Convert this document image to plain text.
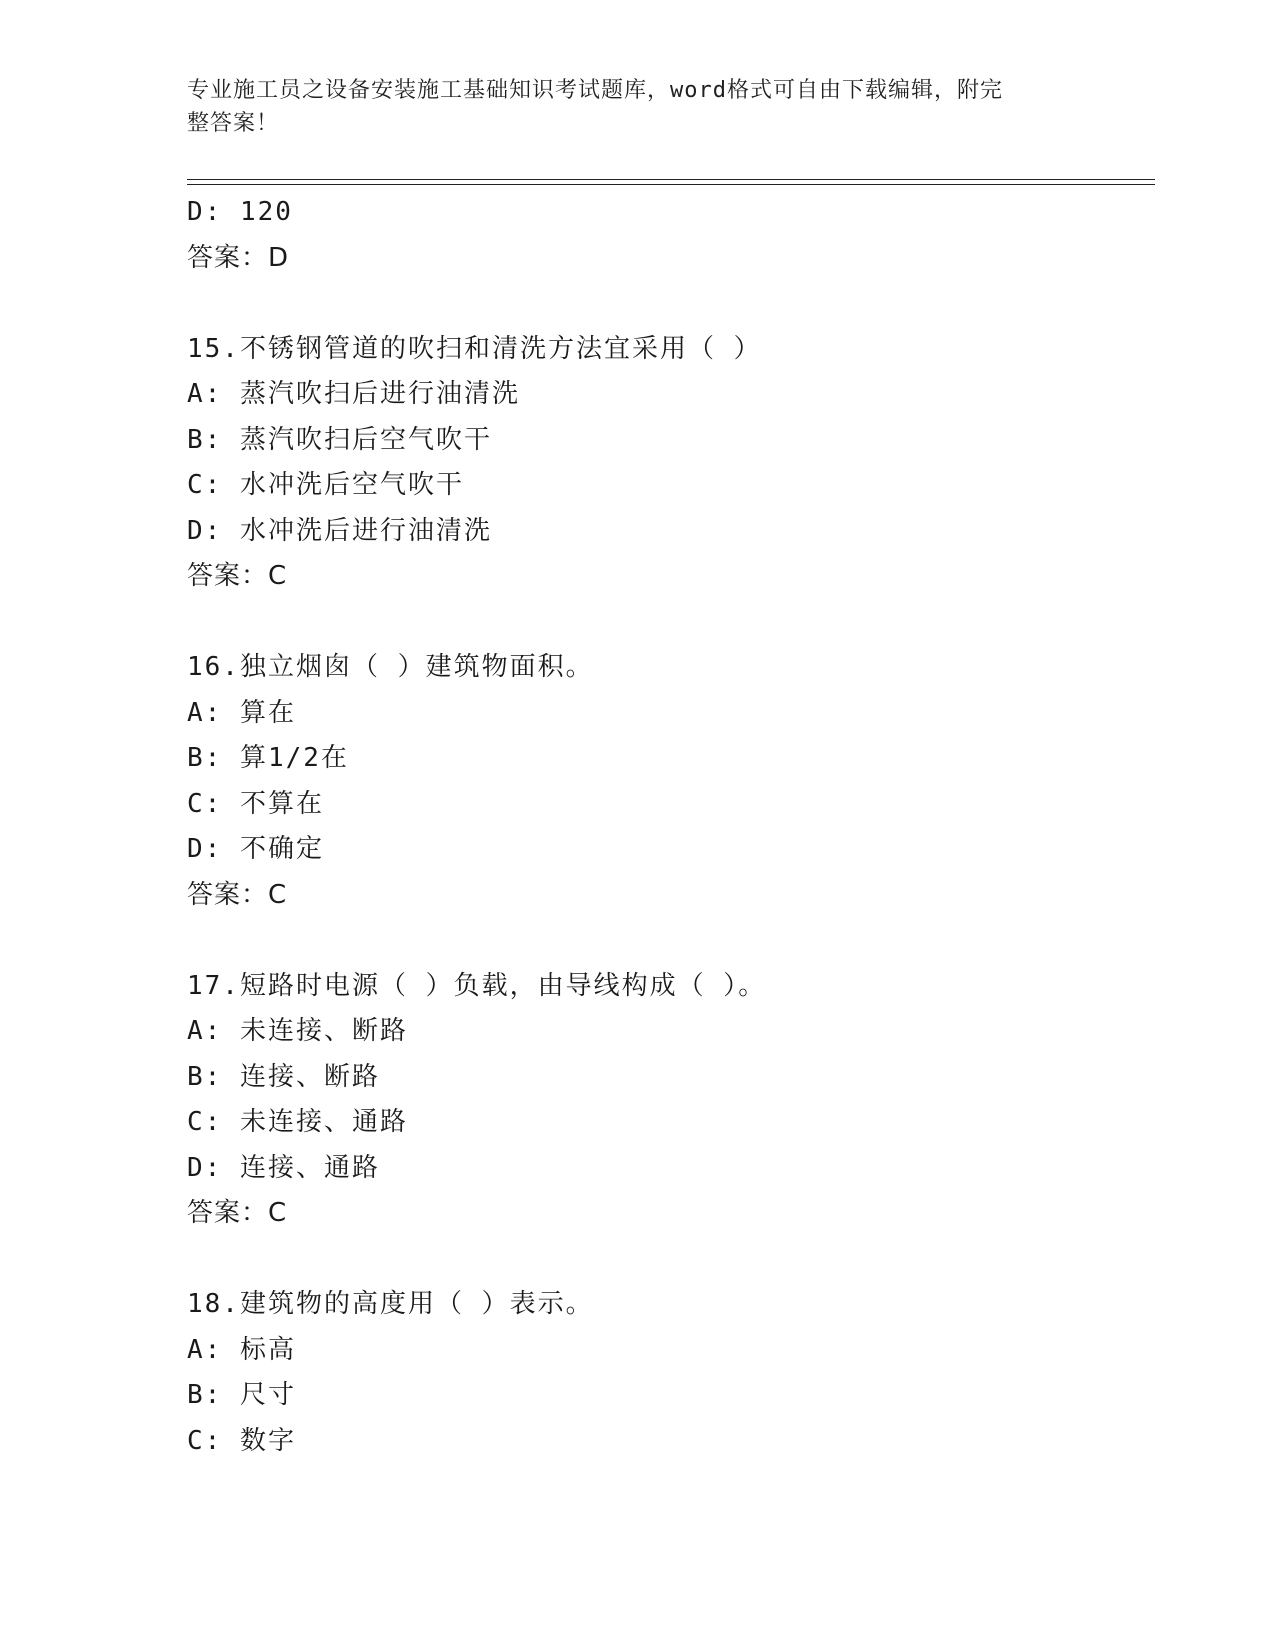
专业施工员之设备安装施工基础知识考试题库，word格式可自由下载编辑，附完
整答案！
D: 120
答案：D
15.不锈钢管道的吹扫和清洗方法宜采用（ ）
A: 蒸汽吹扫后进行油清洗
B: 蒸汽吹扫后空气吹干
C: 水冲洗后空气吹干
D: 水冲洗后进行油清洗
答案：C
16.独立烟囱（ ）建筑物面积。
A: 算在
B: 算1/2在
C: 不算在
D: 不确定
答案：C
17.短路时电源（ ）负载，由导线构成（ ）。
A: 未连接、断路
B: 连接、断路
C: 未连接、通路
D: 连接、通路
答案：C
18.建筑物的高度用（ ）表示。
A: 标高
B: 尺寸
C: 数字
